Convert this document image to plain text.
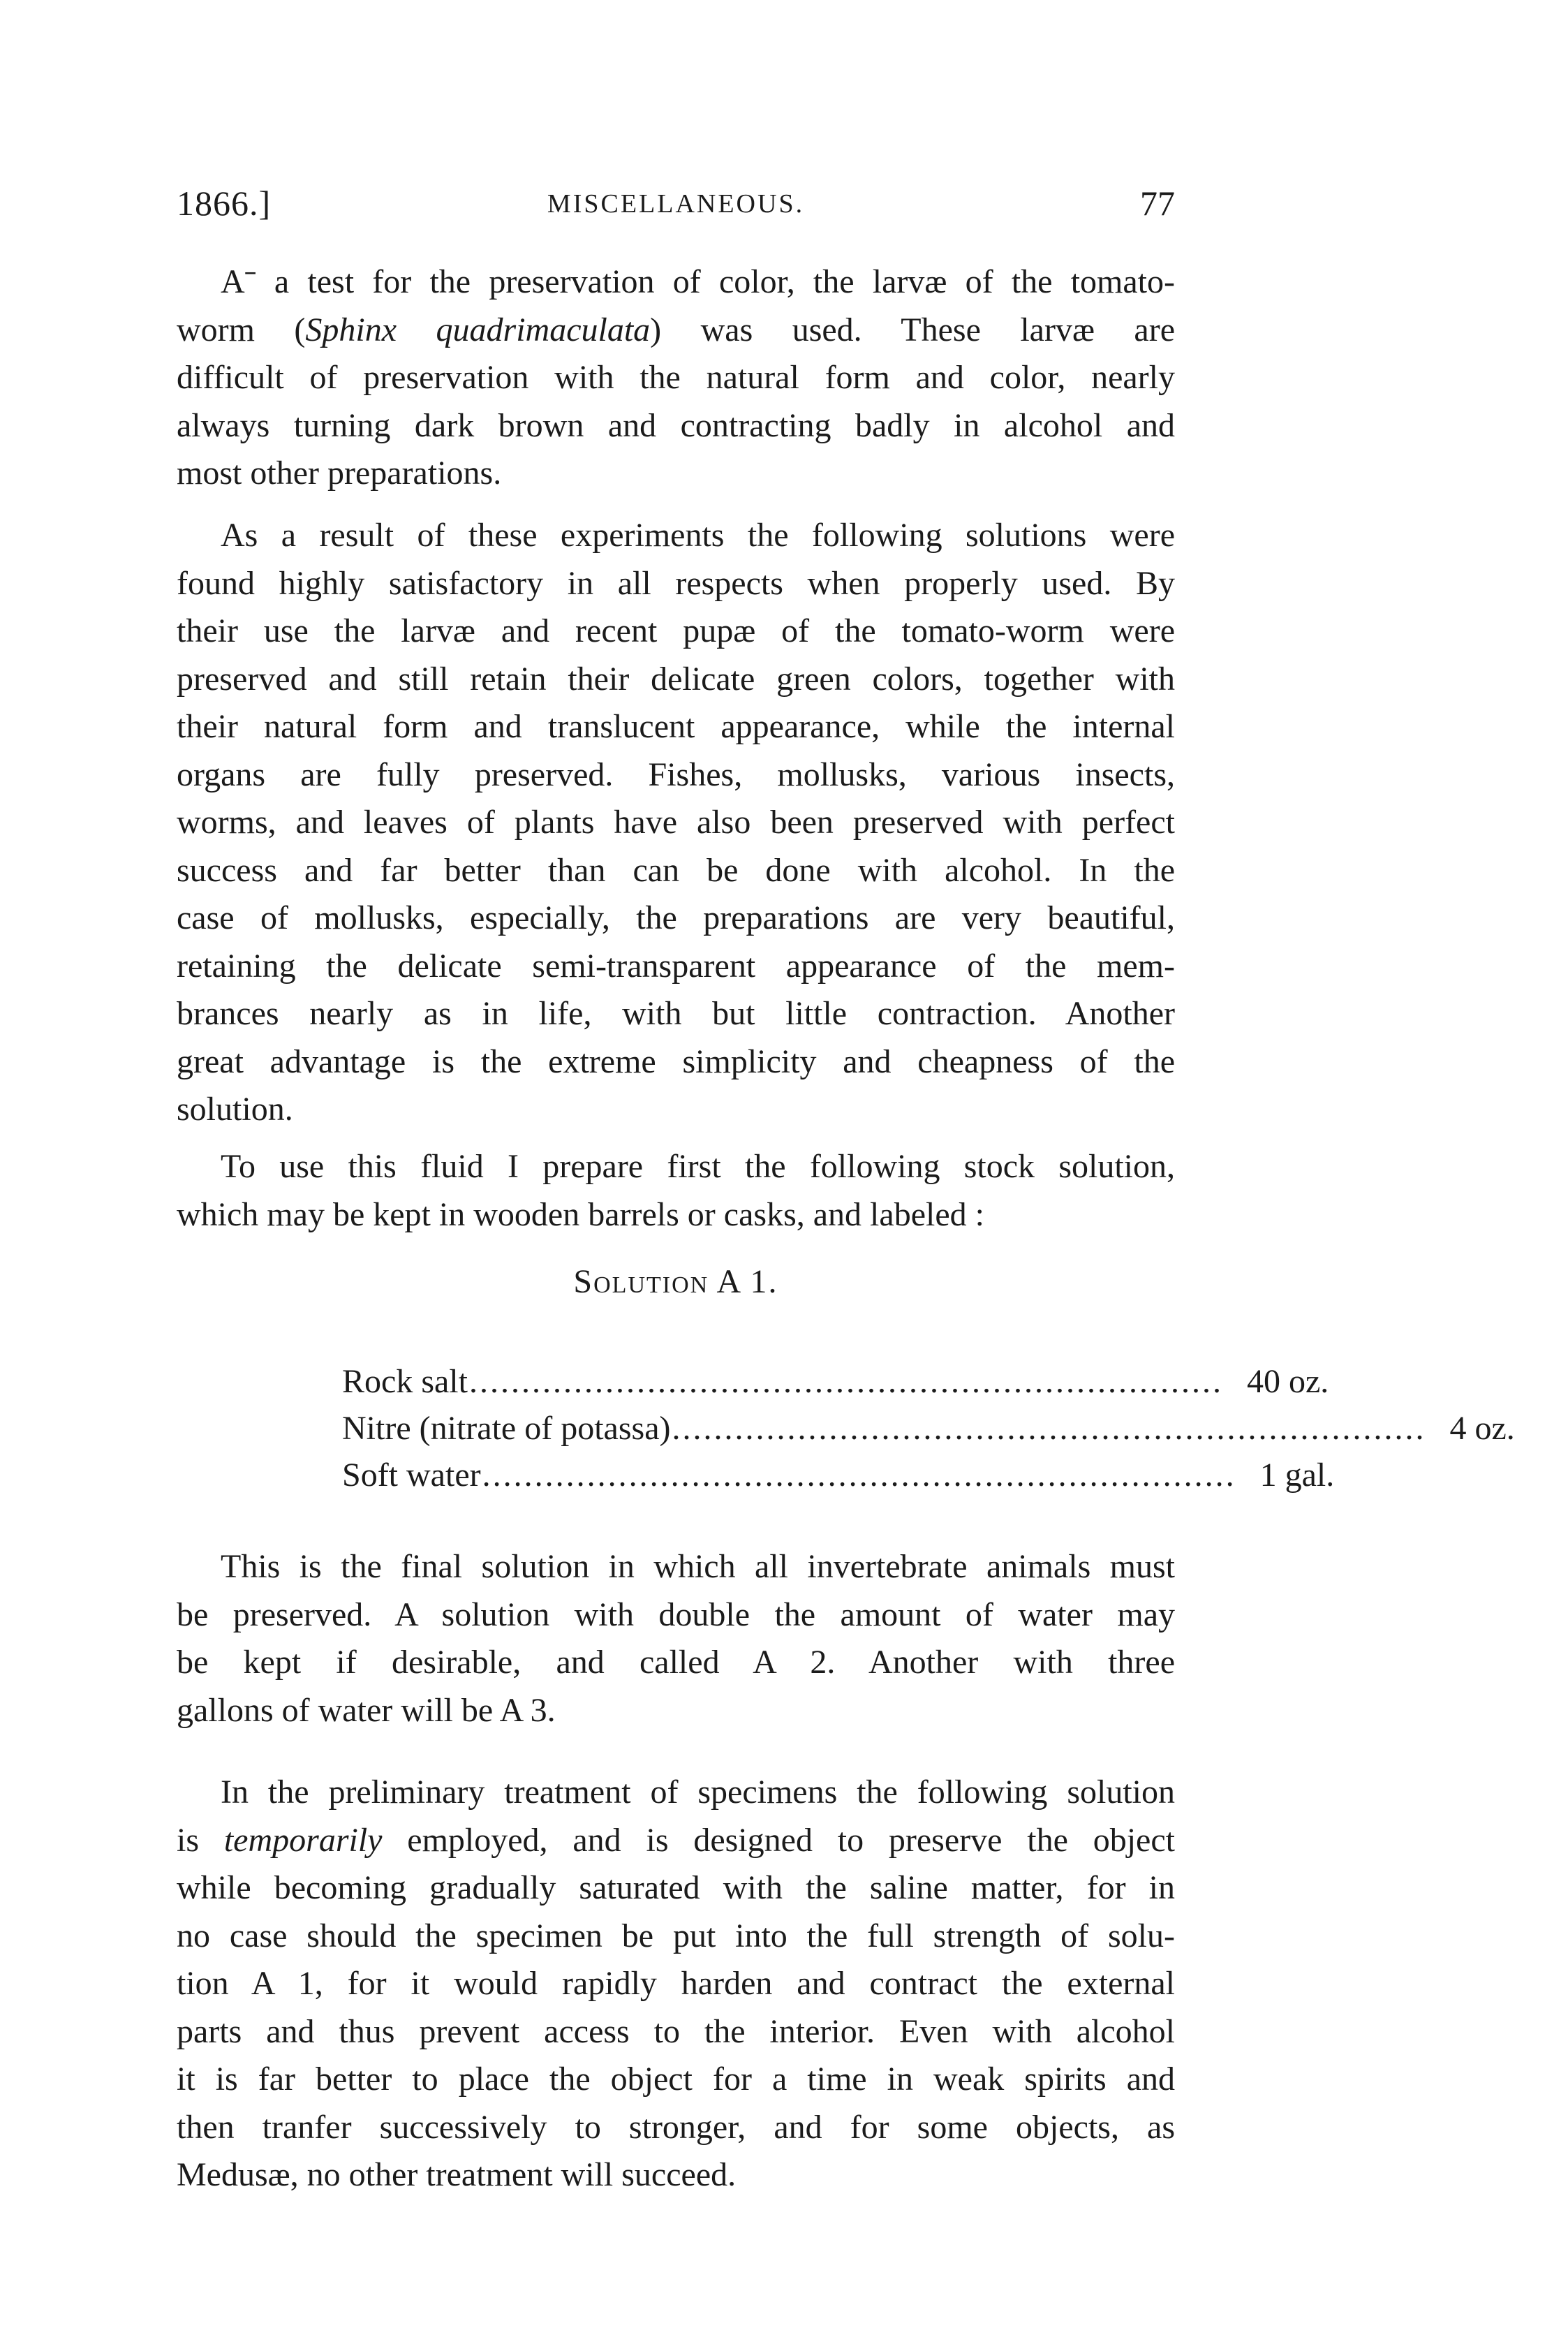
1866.]	MISCELLANEOUS.	77

Aˉ a test for the preservation of color, the larvæ of the tomato-
worm (Sphinx quadrimaculata) was used. These larvæ are
difficult of preservation with the natural form and color, nearly
always turning dark brown and contracting badly in alcohol and
most other preparations.

As a result of these experiments the following solutions were
found highly satisfactory in all respects when properly used. By
their use the larvæ and recent pupæ of the tomato-worm were
preserved and still retain their delicate green colors, together with
their natural form and translucent appearance, while the internal
organs are fully preserved. Fishes, mollusks, various insects,
worms, and leaves of plants have also been preserved with perfect
success and far better than can be done with alcohol. In the
case of mollusks, especially, the preparations are very beautiful,
retaining the delicate semi-transparent appearance of the mem-
brances nearly as in life, with but little contraction. Another
great advantage is the extreme simplicity and cheapness of the
solution.

To use this fluid I prepare first the following stock solution,
which may be kept in wooden barrels or casks, and labeled :

Solution A 1.
Rock salt ........................................................................ 40 oz.
Nitre (nitrate of potassa) ........................................................................ 4 oz.
Soft water ........................................................................ 1 gal.

This is the final solution in which all invertebrate animals must
be preserved. A solution with double the amount of water may
be kept if desirable, and called A 2. Another with three
gallons of water will be A 3.

In the preliminary treatment of specimens the following solution
is temporarily employed, and is designed to preserve the object
while becoming gradually saturated with the saline matter, for in
no case should the specimen be put into the full strength of solu-
tion A 1, for it would rapidly harden and contract the external
parts and thus prevent access to the interior. Even with alcohol
it is far better to place the object for a time in weak spirits and
then tranfer successively to stronger, and for some objects, as
Medusæ, no other treatment will succeed.
